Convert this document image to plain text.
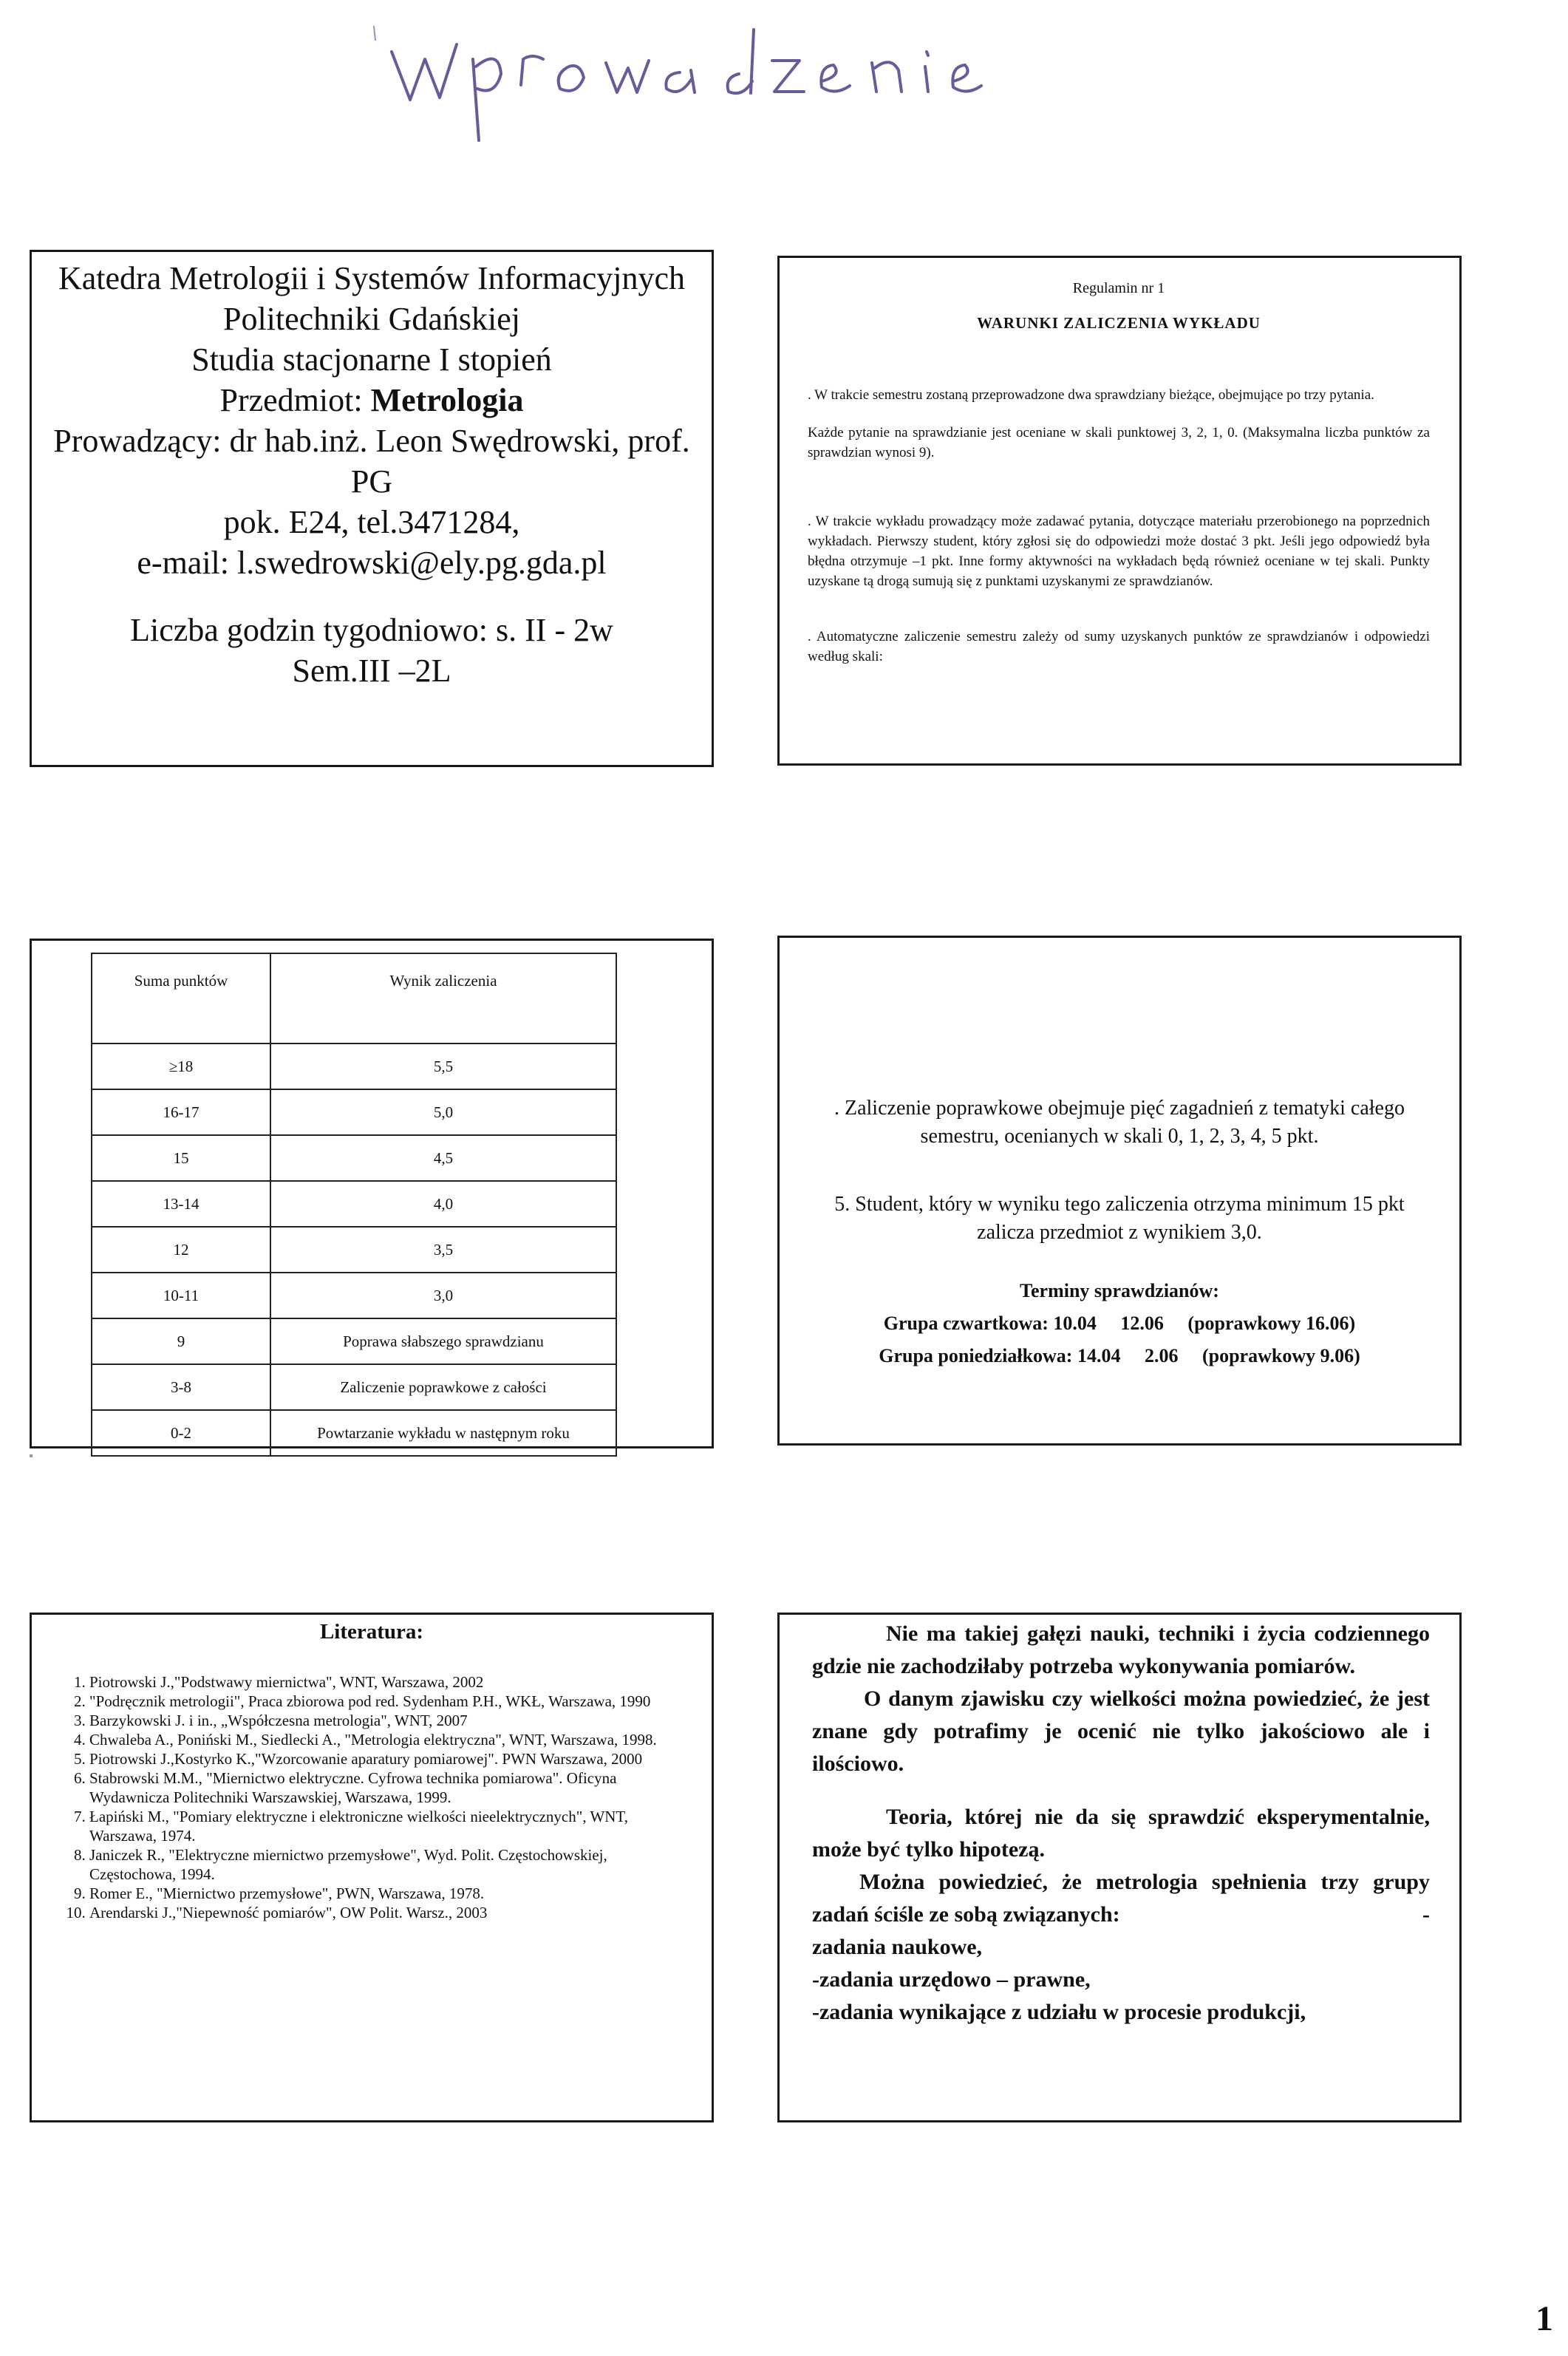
Katedra Metrologii i Systemów Informacyjnych
Politechniki Gdańskiej
Studia stacjonarne I stopień
Przedmiot: Metrologia
Prowadzący: dr hab.inż. Leon Swędrowski, prof.
PG
pok. E24, tel.3471284,
e-mail: l.swedrowski@ely.pg.gda.pl
Liczba godzin tygodniowo: s. II - 2w
Sem.III –2L
Regulamin nr 1
WARUNKI ZALICZENIA WYKŁADU

. W trakcie semestru zostaną przeprowadzone dwa sprawdziany bieżące, obejmujące po trzy pytania.

Każde pytanie na sprawdzianie jest oceniane w skali punktowej 3, 2, 1, 0. (Maksymalna liczba punktów za sprawdzian wynosi 9).

. W trakcie wykładu prowadzący może zadawać pytania, dotyczące materiału przerobionego na poprzednich wykładach. Pierwszy student, który zgłosi się do odpowiedzi może dostać 3 pkt. Jeśli jego odpowiedź była błędna otrzymuje –1 pkt. Inne formy aktywności na wykładach będą również oceniane w tej skali. Punkty uzyskane tą drogą sumują się z punktami uzyskanymi ze sprawdzianów.

. Automatyczne zaliczenie semestru zależy od sumy uzyskanych punktów ze sprawdzianów i odpowiedzi według skali:

Suma punktów	Wynik zaliczenia
≥18	5,5
16-17	5,0
15	4,5
13-14	4,0
12	3,5
10-11	3,0
9	Poprawa słabszego sprawdzianu
3-8	Zaliczenie poprawkowe z całości
0-2	Powtarzanie wykładu w następnym roku
. Zaliczenie poprawkowe obejmuje pięć zagadnień z tematyki całego semestru, ocenianych w skali 0, 1, 2, 3, 4, 5 pkt.
5. Student, który w wyniku tego zaliczenia otrzyma minimum 15 pkt zalicza przedmiot z wynikiem 3,0.
Terminy sprawdzianów:
Grupa czwartkowa: 10.04     12.06     (poprawkowy 16.06)
Grupa poniedziałkowa: 14.04     2.06     (poprawkowy 9.06)
Literatura:
1. Piotrowski J.,"Podstwawy miernictwa", WNT, Warszawa, 2002
2. "Podręcznik metrologii", Praca zbiorowa pod red. Sydenham P.H., WKŁ, Warszawa, 1990
3. Barzykowski J. i in., „Współczesna metrologia", WNT, 2007
4. Chwaleba A., Poniński M., Siedlecki A., "Metrologia elektryczna", WNT, Warszawa, 1998.
5. Piotrowski J.,Kostyrko K.,"Wzorcowanie aparatury pomiarowej". PWN Warszawa, 2000
6. Stabrowski M.M., "Miernictwo elektryczne. Cyfrowa technika pomiarowa". Oficyna Wydawnicza Politechniki Warszawskiej, Warszawa, 1999.
7. Łapiński M., "Pomiary elektryczne i elektroniczne wielkości nieelektrycznych", WNT, Warszawa, 1974.
8. Janiczek R., "Elektryczne miernictwo przemysłowe", Wyd. Polit. Częstochowskiej, Częstochowa, 1994.
9. Romer E., "Miernictwo przemysłowe", PWN, Warszawa, 1978.
10. Arendarski J.,"Niepewność pomiarów", OW Polit. Warsz., 2003

Nie ma takiej gałęzi nauki, techniki i życia codziennego gdzie nie zachodziłaby potrzeba wykonywania pomiarów.

O danym zjawisku czy wielkości można powiedzieć, że jest znane gdy potrafimy je ocenić nie tylko jakościowo ale i ilościowo.

Teoria, której nie da się sprawdzić eksperymentalnie, może być tylko hipotezą.

Można powiedzieć, że metrologia spełnienia trzy grupy zadań ściśle ze sobą związanych:	-

zadania naukowe,
-zadania urzędowo – prawne,

-zadania wynikające z udziału w procesie produkcji,

1
